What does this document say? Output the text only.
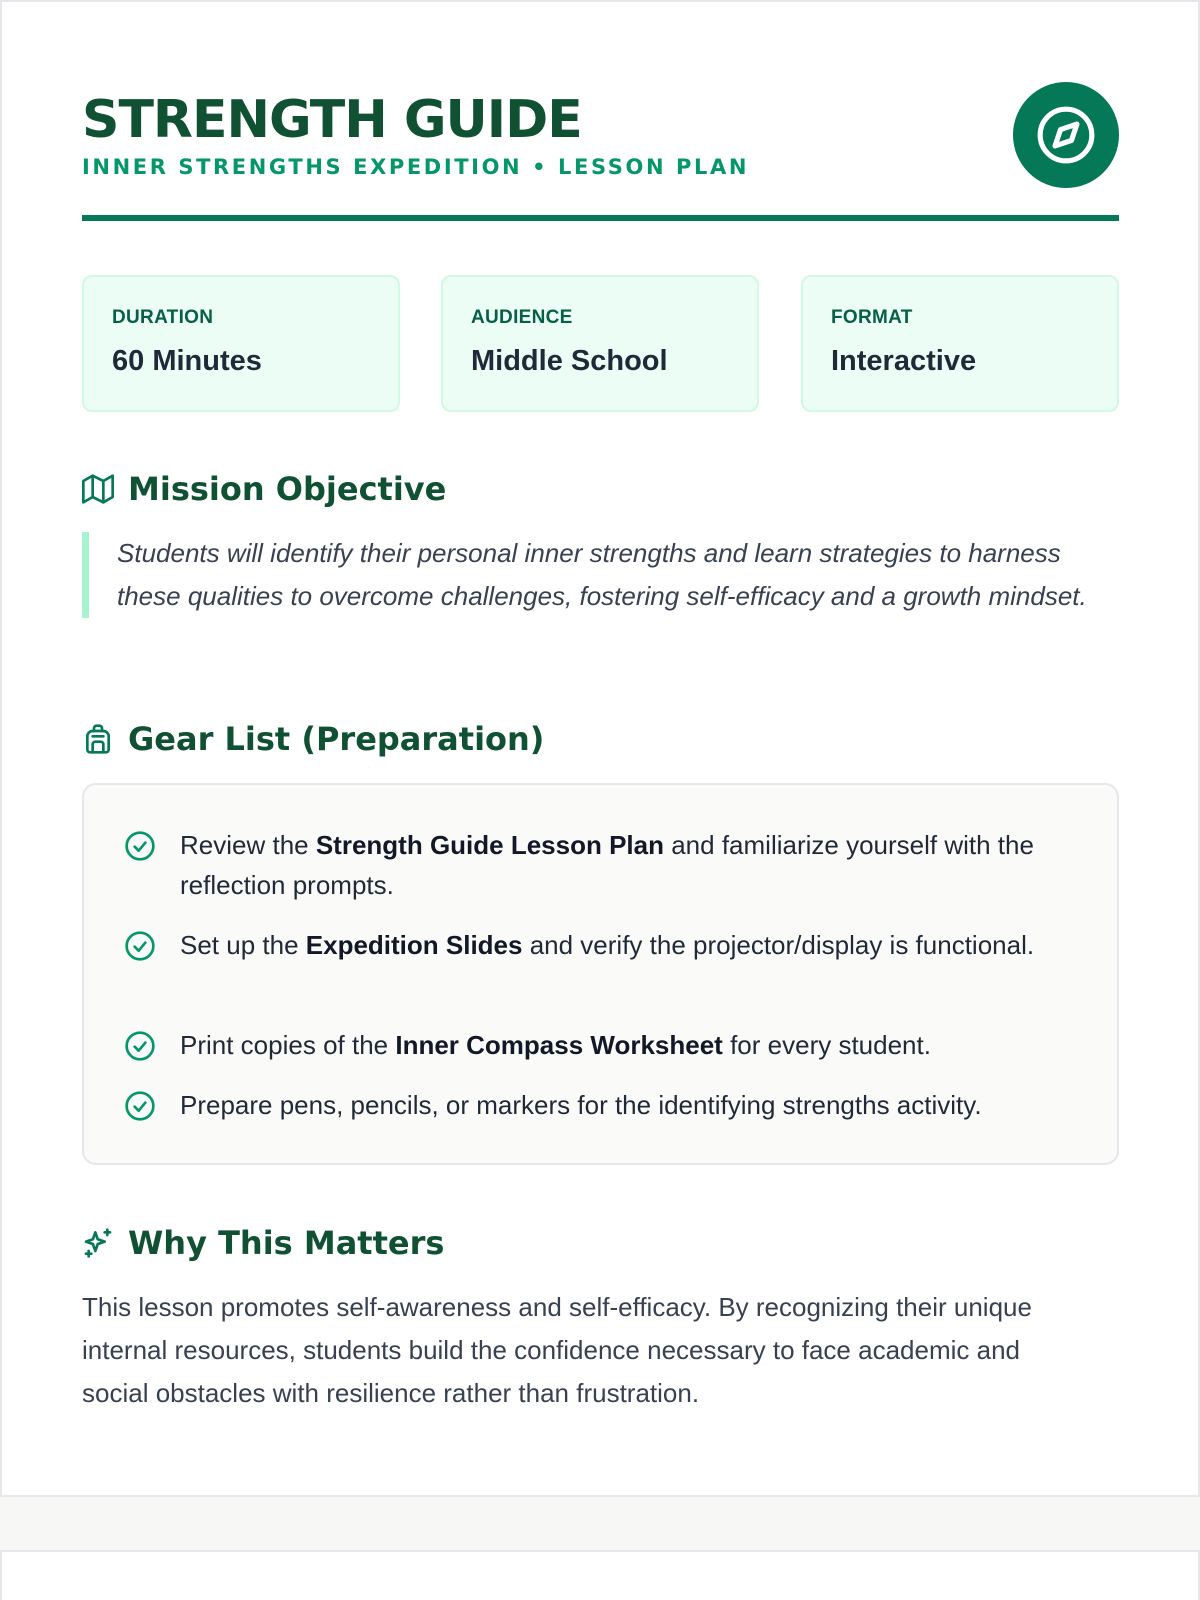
STRENGTH GUIDE
INNER STRENGTHS EXPEDITION • LESSON PLAN
DURATION
60 Minutes
AUDIENCE
Middle School
FORMAT
Interactive
Mission Objective
Students will identify their personal inner strengths and learn strategies to harness these qualities to overcome challenges, fostering self-efficacy and a growth mindset.
Gear List (Preparation)
Review the Strength Guide Lesson Plan and familiarize yourself with the reflection prompts.
Set up the Expedition Slides and verify the projector/display is functional.
Print copies of the Inner Compass Worksheet for every student.
Prepare pens, pencils, or markers for the identifying strengths activity.
Why This Matters
This lesson promotes self-awareness and self-efficacy. By recognizing their unique internal resources, students build the confidence necessary to face academic and social obstacles with resilience rather than frustration.
